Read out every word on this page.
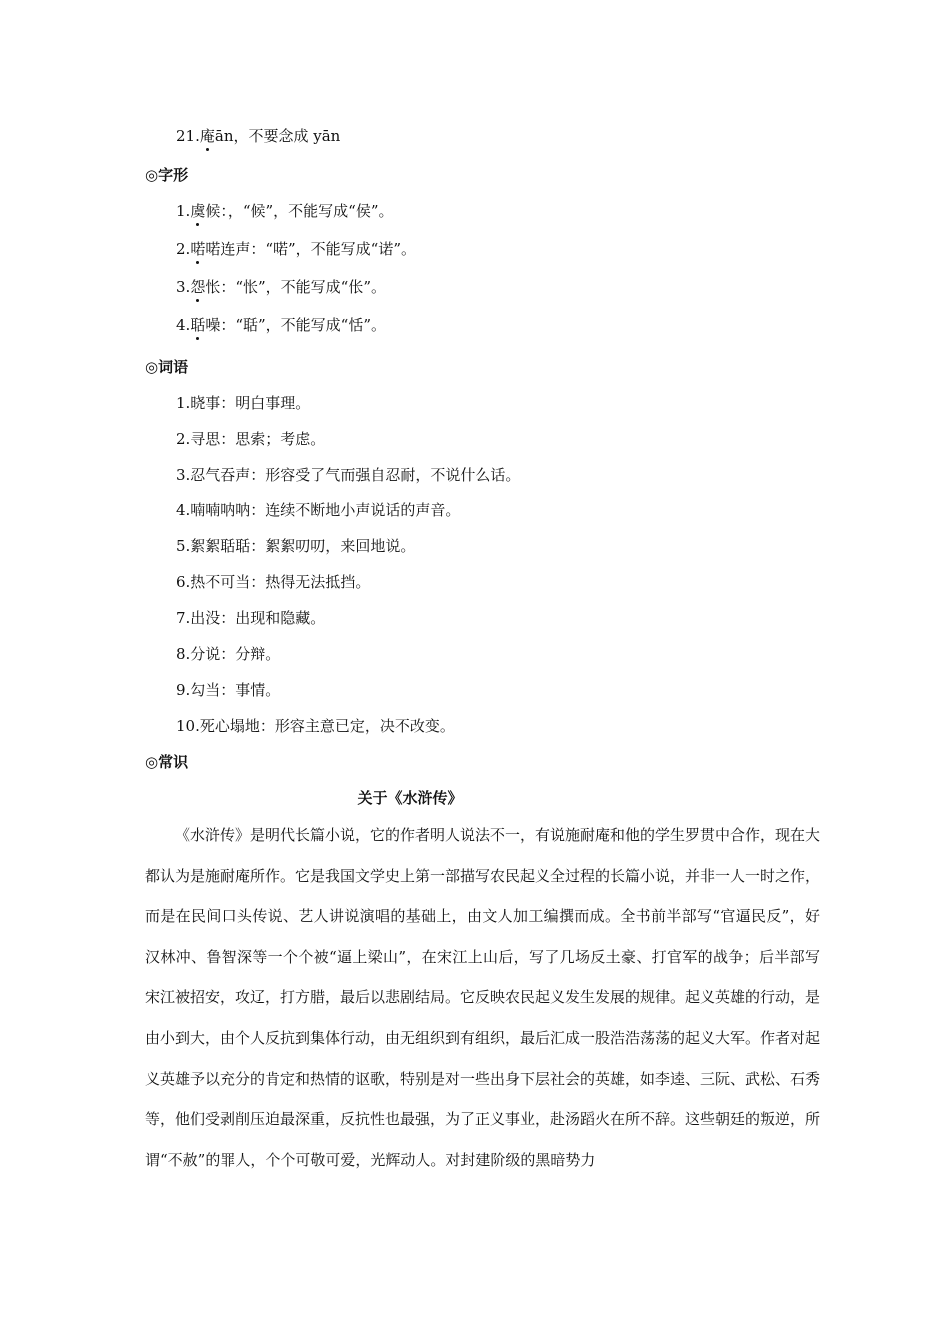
21.庵ān，不要念成 yān
◎字形
1.虞候：，“候”，不能写成“侯”。
2.喏喏连声：“喏”，不能写成“诺”。
3.怨怅：“怅”，不能写成“伥”。
4.聒噪：“聒”，不能写成“恬”。
◎词语
1.晓事：明白事理。
2.寻思：思索；考虑。
3.忍气吞声：形容受了气而强自忍耐，不说什么话。
4.喃喃呐呐：连续不断地小声说话的声音。
5.絮絮聒聒：絮絮叨叨，来回地说。
6.热不可当：热得无法抵挡。
7.出没：出现和隐藏。
8.分说：分辩。
9.勾当：事情。
10.死心塌地：形容主意已定，决不改变。
◎常识
关于《水浒传》
《水浒传》是明代长篇小说，它的作者明人说法不一，有说施耐庵和他的学生罗贯中合作，现在大都认为是施耐庵所作。它是我国文学史上第一部描写农民起义全过程的长篇小说，并非一人一时之作，而是在民间口头传说、艺人讲说演唱的基础上，由文人加工编撰而成。全书前半部写“官逼民反”，好汉林冲、鲁智深等一个个被“逼上梁山”，在宋江上山后，写了几场反土豪、打官军的战争；后半部写宋江被招安，攻辽，打方腊，最后以悲剧结局。它反映农民起义发生发展的规律。起义英雄的行动，是由小到大，由个人反抗到集体行动，由无组织到有组织，最后汇成一股浩浩荡荡的起义大军。作者对起义英雄予以充分的肯定和热情的讴歌，特别是对一些出身下层社会的英雄，如李逵、三阮、武松、石秀等，他们受剥削压迫最深重，反抗性也最强，为了正义事业，赴汤蹈火在所不辞。这些朝廷的叛逆，所谓“不赦”的罪人，个个可敬可爱，光辉动人。对封建阶级的黑暗势力
